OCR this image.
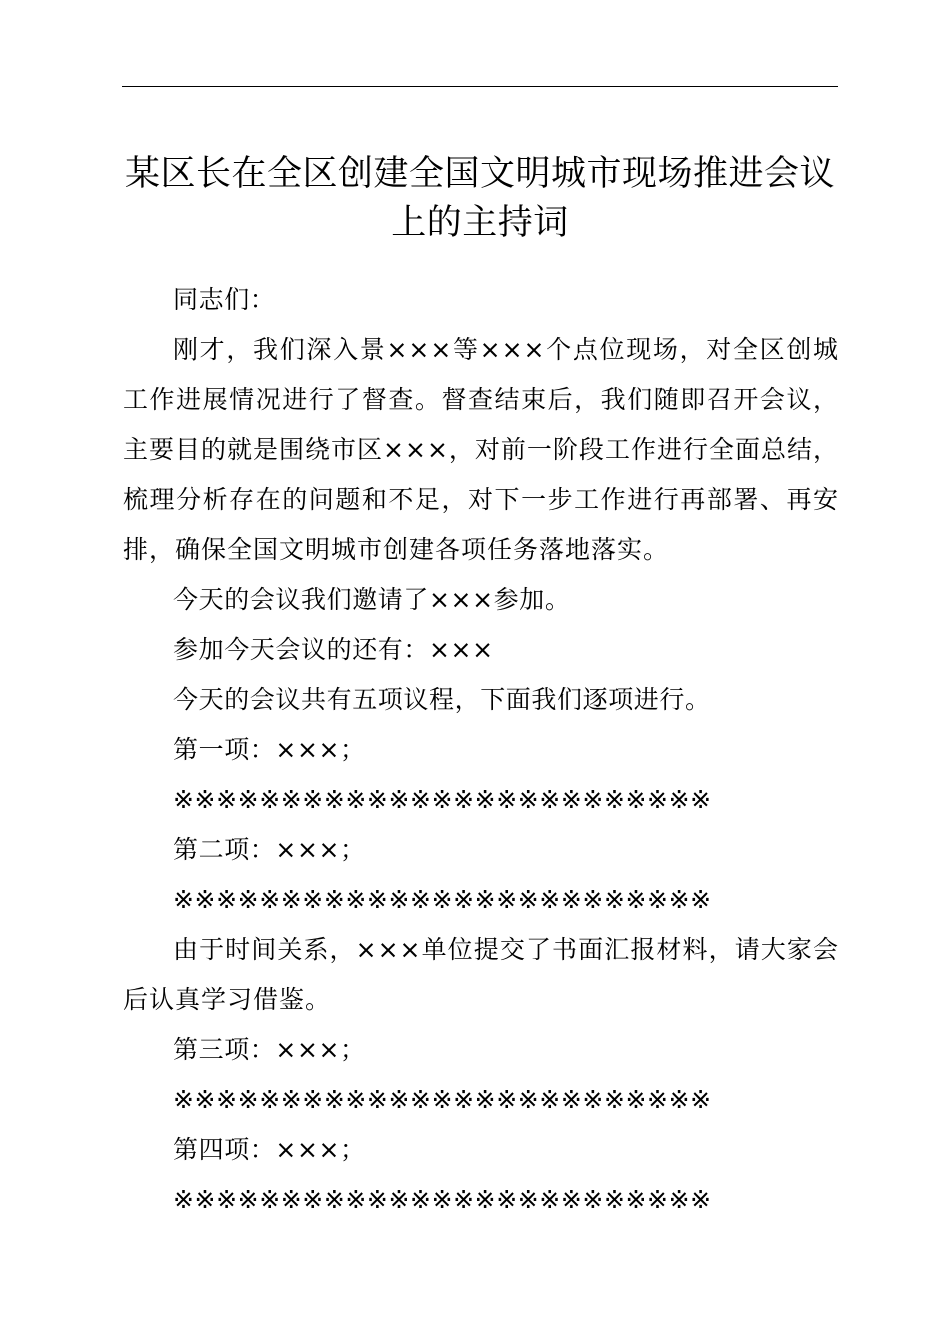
某区长在全区创建全国文明城市现场推进会议
上的主持词

同志们：

刚才，我们深入景×××等×××个点位现场，对全区创城工作进展情况进行了督查。督查结束后，我们随即召开会议，主要目的就是围绕市区×××，对前一阶段工作进行全面总结，梳理分析存在的问题和不足，对下一步工作进行再部署、再安排，确保全国文明城市创建各项任务落地落实。

今天的会议我们邀请了×××参加。

参加今天会议的还有：×××

今天的会议共有五项议程，下面我们逐项进行。

第一项：×××；

※※※※※※※※※※※※※※※※※※※※※※※※※

第二项：×××；

※※※※※※※※※※※※※※※※※※※※※※※※※

由于时间关系，×××单位提交了书面汇报材料，请大家会后认真学习借鉴。

第三项：×××；

※※※※※※※※※※※※※※※※※※※※※※※※※

第四项：×××；

※※※※※※※※※※※※※※※※※※※※※※※※※
